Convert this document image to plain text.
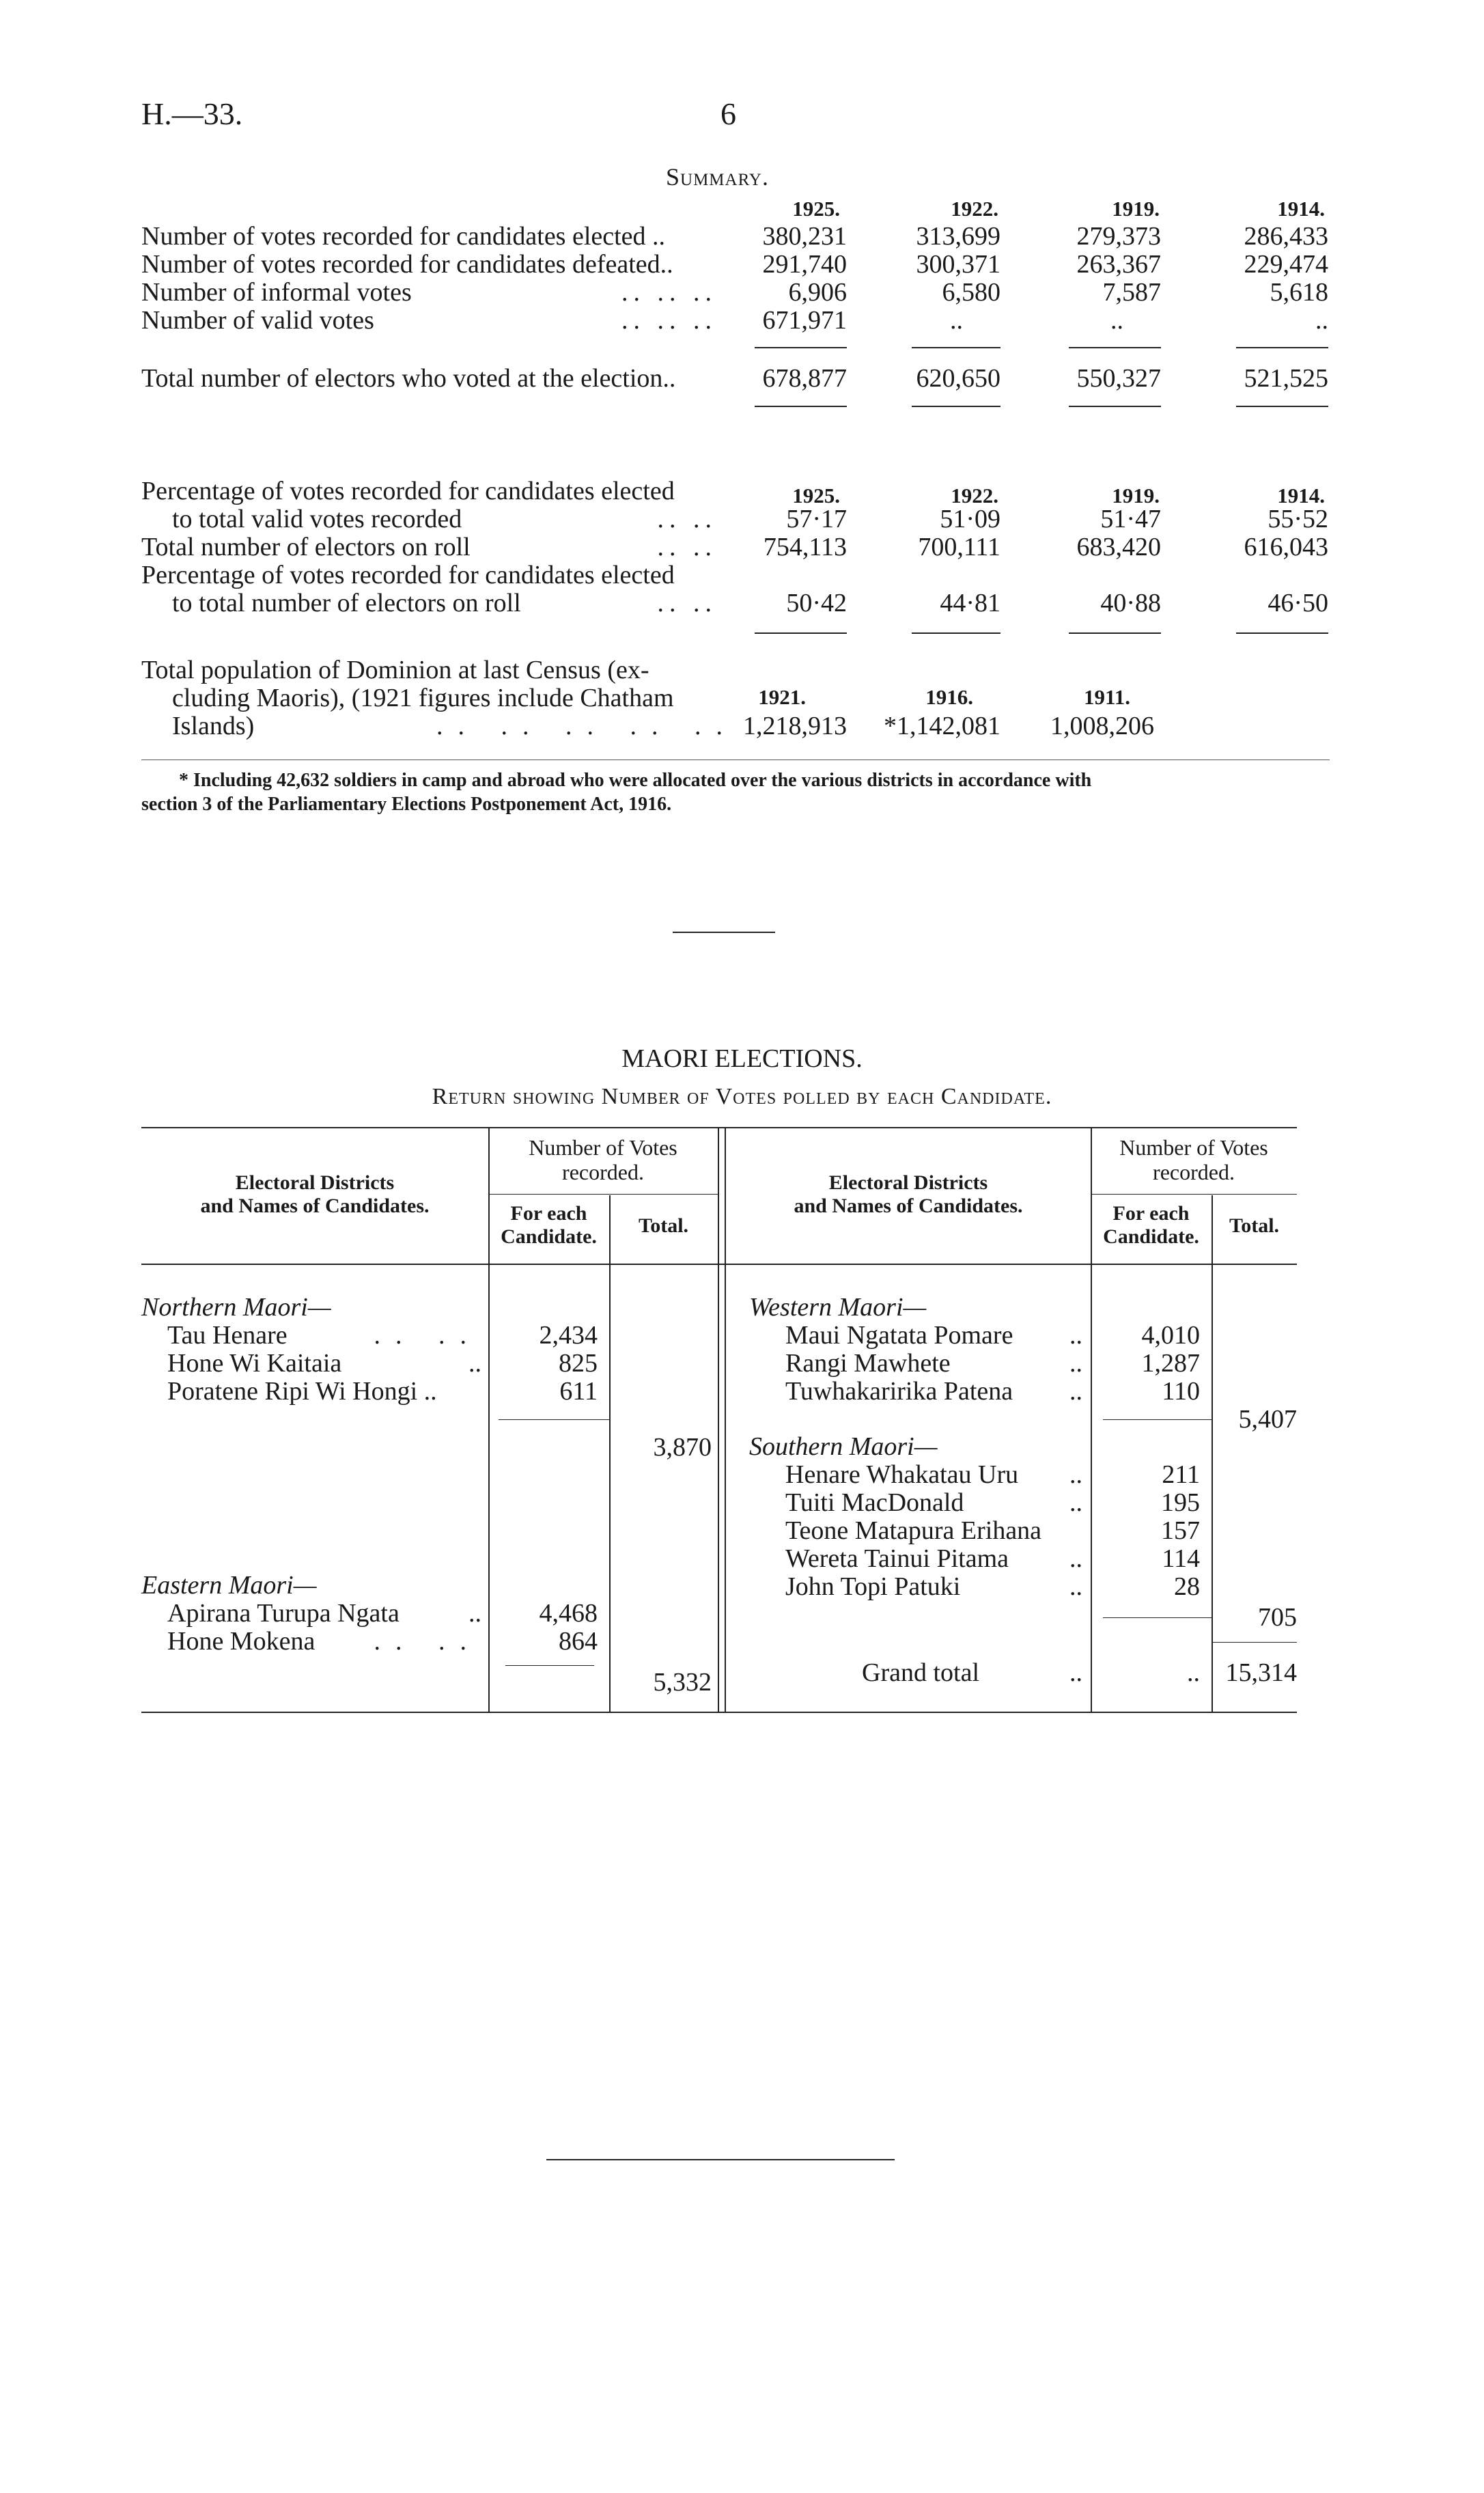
H.—33.	6
Summary.
1925.	1922.	1919.	1914.
Number of votes recorded for candidates elected ..	380,231	313,699	279,373	286,433
Number of votes recorded for candidates defeated..	291,740	300,371	263,367	229,474
Number of informal votes	.. .. ..	6,906	6,580	7,587	5,618
Number of valid votes	.. .. ..	671,971	..	..	..
Total number of electors who voted at the election..	678,877	620,650	550,327	521,525
1925.	1922.	1919.	1914.
Percentage of votes recorded for candidates elected
to total valid votes recorded	.. ..	57·17	51·09	51·47	55·52
Total number of electors on roll	.. ..	754,113	700,111	683,420	616,043
Percentage of votes recorded for candidates elected
to total number of electors on roll	.. ..	50·42	44·81	40·88	46·50
Total population of Dominion at last Census (ex-
cluding Maoris), (1921 figures include Chatham
Islands)	.. .. .. .. ..
1921.	1916.	1911.
1,218,913	*1,142,081	1,008,206
* Including 42,632 soldiers in camp and abroad who were allocated over the various districts in accordance with
section 3 of the Parliamentary Elections Postponement Act, 1916.
MAORI ELECTIONS.
Return showing Number of Votes polled by each Candidate.
Electoral Districts
and Names of Candidates.
Number of Votes
recorded.
For each
Candidate.	Total.
Electoral Districts
and Names of Candidates.
Number of Votes
recorded.
For each
Candidate.	Total.
Northern Maori—
Tau Henare	.. ..	2,434
Hone Wi Kaitaia	..	825
Poratene Ripi Wi Hongi ..	611
3,870
Eastern Maori—
Apirana Turupa Ngata	..	4,468
Hone Mokena	.. ..	864
5,332
Western Maori—
Maui Ngatata Pomare	..	4,010
Rangi Mawhete	..	1,287
Tuwhakaririka Patena	..	110
5,407
Southern Maori—
Henare Whakatau Uru	..	211
Tuiti MacDonald	..	195
Teone Matapura Erihana	157
Wereta Tainui Pitama	..	114
John Topi Patuki	..	28
705
Grand total	..	.. 15,314
